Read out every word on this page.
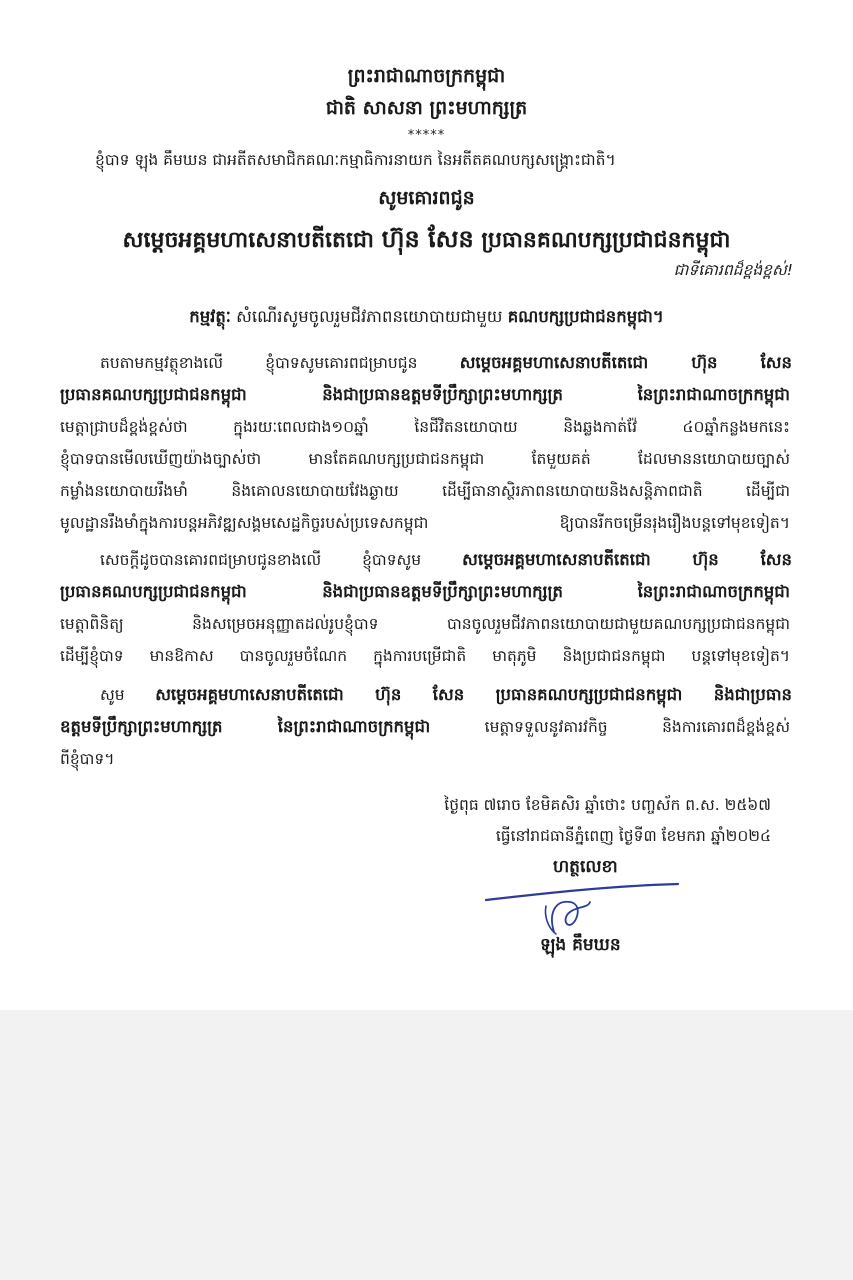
ព្រះរាជាណាចក្រកម្ពុជា
ជាតិ សាសនា ព្រះមហាក្សត្រ
*****
ខ្ញុំបាទ ឡុង គឹមឃន ជាអតីតសមាជិកគណៈកម្មាធិការនាយក នៃអតីតគណបក្សសង្គ្រោះជាតិ។
សូមគោរពជូន
សម្តេចអគ្គមហាសេនាបតីតេជោ ហ៊ុន សែន ប្រធានគណបក្សប្រជាជនកម្ពុជា
ជាទីគោរពដ៏ខ្ពង់ខ្ពស់!
កម្មវត្ថុៈ សំណើរសូមចូលរួមជីវភាពនយោបាយជាមួយ គណបក្សប្រជាជនកម្ពុជា។
តបតាមកម្មវត្ថុខាងលើ ខ្ញុំបាទសូមគោរពជម្រាបជូន	សម្តេចអគ្គមហាសេនាបតីតេជោ ហ៊ុន សែន
ប្រធានគណបក្សប្រជាជនកម្ពុជា និងជាប្រធានឧត្តមទីប្រឹក្សាព្រះមហាក្សត្រ	នៃព្រះរាជាណាចក្រកម្ពុជា
មេត្តាជ្រាបដ៏ខ្ពង់ខ្ពស់ថា ក្នុងរយៈពេលជាង១០ឆ្នាំ នៃជីវិតនយោបាយ និងឆ្លងកាត់វ៉ែ ៤០ឆ្នាំកន្លងមកនេះ
ខ្ញុំបាទបានមើលឃើញយ៉ាងច្បាស់ថា មានតែគណបក្សប្រជាជនកម្ពុជា តែមួយគត់ ដែលមាននយោបាយច្បាស់
កម្លាំងនយោបាយរឹងមាំ និងគោលនយោបាយវែងឆ្ងាយ ដើម្បីធានាស្ថិរភាពនយោបាយនិងសន្តិភាពជាតិ ដើម្បីជា
មូលដ្ឋានរឹងមាំក្នុងការបន្តអភិវឌ្ឍសង្គមសេដ្ឋកិច្ចរបស់ប្រទេសកម្ពុជា ឱ្យបានរីកចម្រើនរុងរឿងបន្តទៅមុខទៀត។
សេចក្តីដូចបានគោរពជម្រាបជូនខាងលើ ខ្ញុំបាទសូម សម្តេចអគ្គមហាសេនាបតីតេជោ ហ៊ុន សែន
ប្រធានគណបក្សប្រជាជនកម្ពុជា និងជាប្រធានឧត្តមទីប្រឹក្សាព្រះមហាក្សត្រ	នៃព្រះរាជាណាចក្រកម្ពុជា
មេត្តាពិនិត្យ និងសម្រេចអនុញ្ញាតដល់រូបខ្ញុំបាទ បានចូលរួមជីវភាពនយោបាយជាមួយគណបក្សប្រជាជនកម្ពុជា
ដើម្បីខ្ញុំបាទ មានឱកាស បានចូលរួមចំណែក ក្នុងការបម្រើជាតិ មាតុភូមិ និងប្រជាជនកម្ពុជា បន្តទៅមុខទៀត។
សូម សម្តេចអគ្គមហាសេនាបតីតេជោ ហ៊ុន សែន ប្រធានគណបក្សប្រជាជនកម្ពុជា និងជាប្រធាន
ឧត្តមទីប្រឹក្សាព្រះមហាក្សត្រ នៃព្រះរាជាណាចក្រកម្ពុជា	មេត្តាទទួលនូវគារវកិច្ច និងការគោរពដ៏ខ្ពង់ខ្ពស់
ពីខ្ញុំបាទ។
ថ្ងៃពុធ ៧រោច ខែមិគសិរ ឆ្នាំថោះ បញ្ចស័ក ព.ស. ២៥៦៧
ធ្វើនៅរាជធានីភ្នំពេញ ថ្ងៃទី៣ ខែមករា ឆ្នាំ២០២៤
ហត្ថលេខា
ឡុង គឹមឃន
